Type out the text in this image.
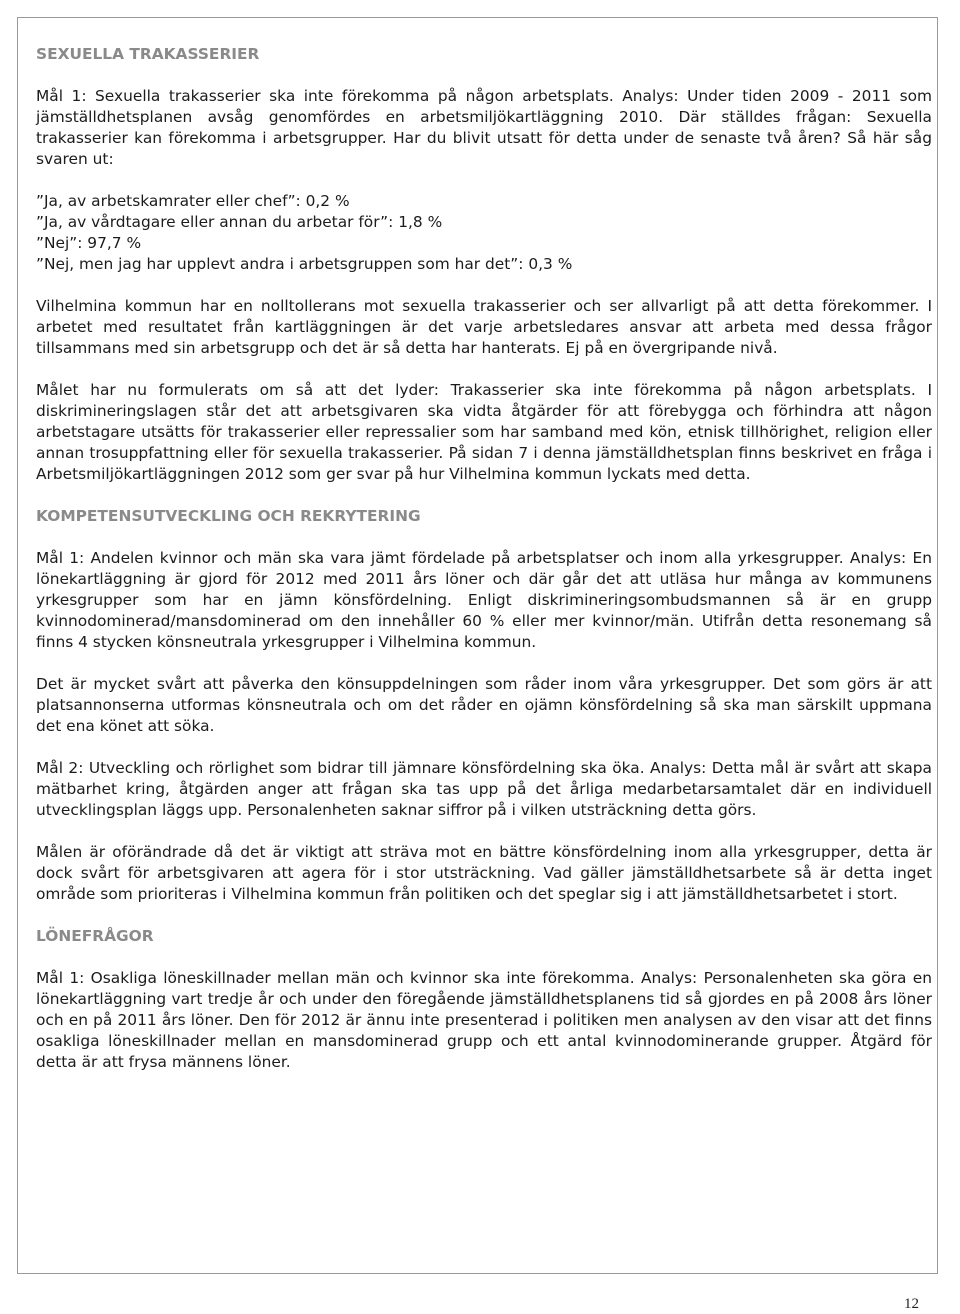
SEXUELLA TRAKASSERIER

Mål 1: Sexuella trakasserier ska inte förekomma på någon arbetsplats. Analys: Under tiden 2009 - 2011 som jämställdhetsplanen avsåg genomfördes en arbetsmiljökartläggning 2010. Där ställdes frågan: Sexuella trakasserier kan förekomma i arbetsgrupper. Har du blivit utsatt för detta under de senaste två åren? Så här såg svaren ut:

”Ja, av arbetskamrater eller chef”: 0,2 %

”Ja, av vårdtagare eller annan du arbetar för”: 1,8 %

”Nej”: 97,7 %

”Nej, men jag har upplevt andra i arbetsgruppen som har det”: 0,3 %

Vilhelmina kommun har en nolltollerans mot sexuella trakasserier och ser allvarligt på att detta förekommer. I arbetet med resultatet från kartläggningen är det varje arbetsledares ansvar att arbeta med dessa frågor tillsammans med sin arbetsgrupp och det är så detta har hanterats. Ej på en övergripande nivå.

Målet har nu formulerats om så att det lyder: Trakasserier ska inte förekomma på någon arbetsplats. I diskrimineringslagen står det att arbetsgivaren ska vidta åtgärder för att förebygga och förhindra att någon arbetstagare utsätts för trakasserier eller repressalier som har samband med kön, etnisk tillhörighet, religion eller annan trosuppfattning eller för sexuella trakasserier. På sidan 7 i denna jämställdhetsplan finns beskrivet en fråga i Arbetsmiljökartläggningen 2012 som ger svar på hur Vilhelmina kommun lyckats med detta.

KOMPETENSUTVECKLING OCH REKRYTERING

Mål 1: Andelen kvinnor och män ska vara jämt fördelade på arbetsplatser och inom alla yrkesgrupper. Analys: En lönekartläggning är gjord för 2012 med 2011 års löner och där går det att utläsa hur många av kommunens yrkesgrupper som har en jämn könsfördelning. Enligt diskrimineringsombudsmannen så är en grupp kvinnodominerad/mansdominerad om den innehåller 60 % eller mer kvinnor/män. Utifrån detta resonemang så finns 4 stycken könsneutrala yrkesgrupper i Vilhelmina kommun.

Det är mycket svårt att påverka den könsuppdelningen som råder inom våra yrkesgrupper. Det som görs är att platsannonserna utformas könsneutrala och om det råder en ojämn könsfördelning så ska man särskilt uppmana det ena könet att söka.

Mål 2: Utveckling och rörlighet som bidrar till jämnare könsfördelning ska öka. Analys: Detta mål är svårt att skapa mätbarhet kring, åtgärden anger att frågan ska tas upp på det årliga medarbetarsamtalet där en individuell utvecklingsplan läggs upp. Personalenheten saknar siffror på i vilken utsträckning detta görs.

Målen är oförändrade då det är viktigt att sträva mot en bättre könsfördelning inom alla yrkesgrupper, detta är dock svårt för arbetsgivaren att agera för i stor utsträckning. Vad gäller jämställdhetsarbete så är detta inget område som prioriteras i Vilhelmina kommun från politiken och det speglar sig i att jämställdhetsarbetet i stort.

LÖNEFRÅGOR

Mål 1: Osakliga löneskillnader mellan män och kvinnor ska inte förekomma. Analys: Personalenheten ska göra en lönekartläggning vart tredje år och under den föregående jämställdhetsplanens tid så gjordes en på 2008 års löner och en på 2011 års löner. Den för 2012 är ännu inte presenterad i politiken men analysen av den visar att det finns osakliga löneskillnader mellan en mansdominerad grupp och ett antal kvinnodominerande grupper. Åtgärd för detta är att frysa männens löner.

12
